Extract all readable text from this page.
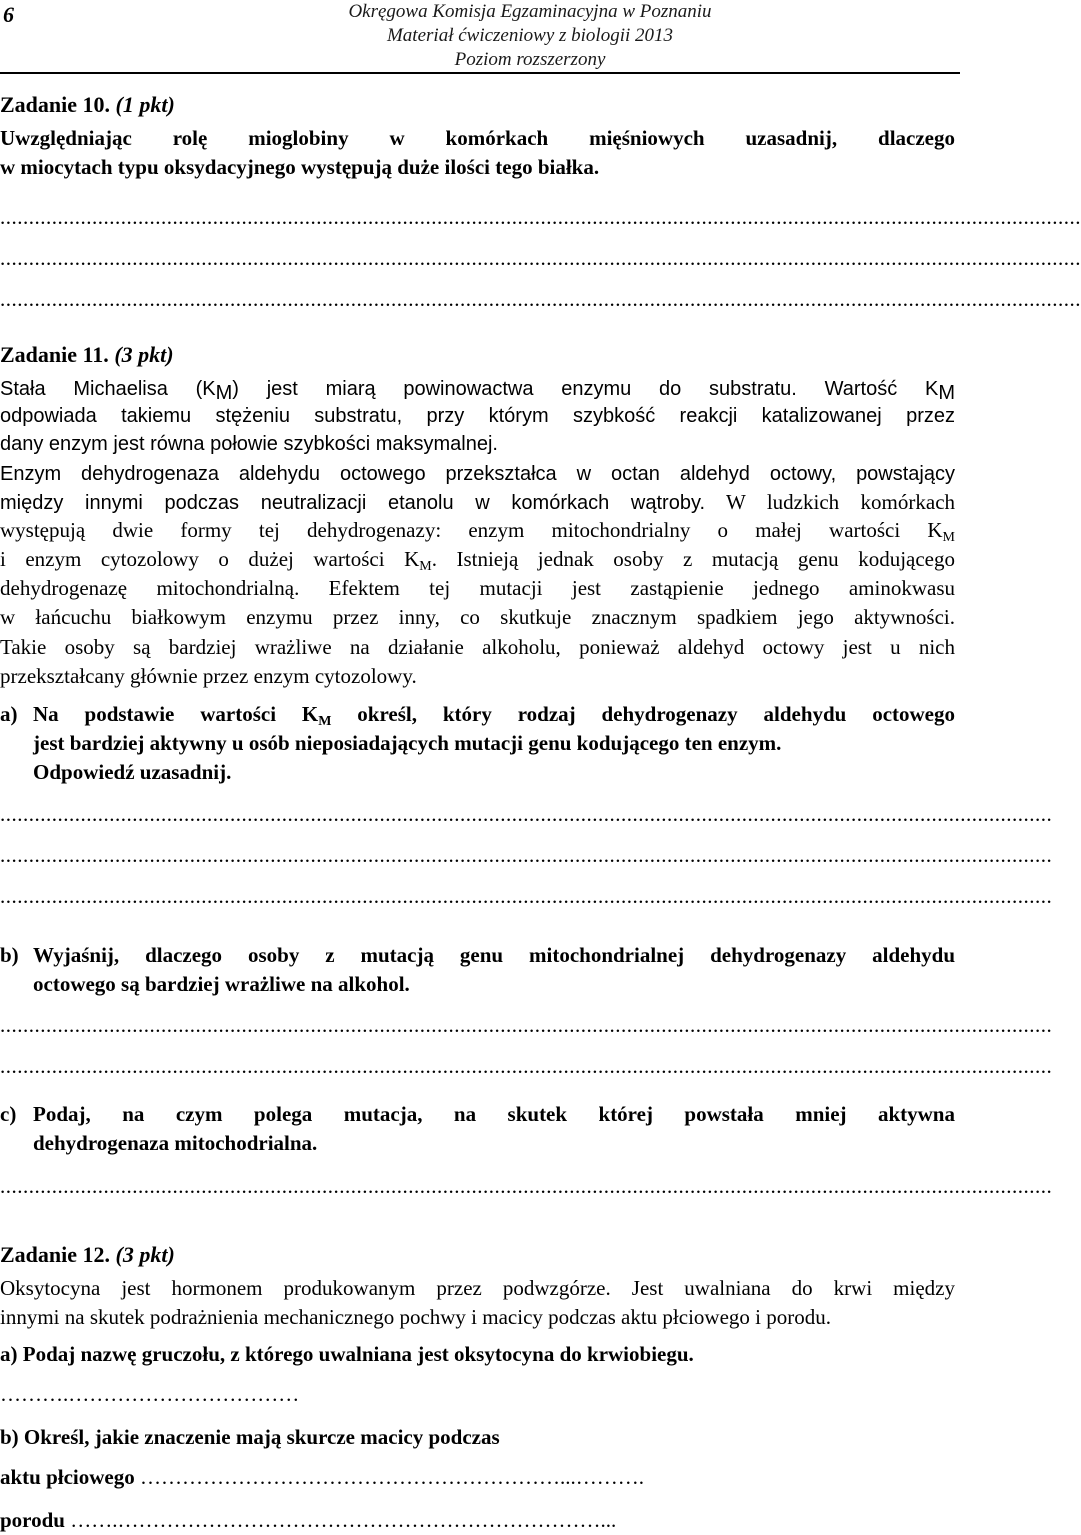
6	Okręgowa Komisja Egzaminacyjna w Poznaniu
Materiał ćwiczeniowy z biologii 2013
Poziom rozszerzony
Zadanie 10. (1 pkt)
Uwzględniając rolę mioglobiny w komórkach mięśniowych uzasadnij, dlaczego
w miocytach typu oksydacyjnego występują duże ilości tego białka.
............................................................................................................................................................................................
............................................................................................................................................................................................
............................................................................................................................................................................................
Zadanie 11. (3 pkt)
Stała Michaelisa $(K_M)$ jest miarą powinowactwa enzymu do substratu. Wartość $K_M$
odpowiada takiemu stężeniu substratu, przy którym szybkość reakcji katalizowanej przez
dany enzym jest równa połowie szybkości maksymalnej.
Enzym dehydrogenaza aldehydu octowego przekształca w octan aldehyd octowy, powstający
między innymi podczas neutralizacji etanolu w komórkach wątroby. W ludzkich komórkach
występują dwie formy tej dehydrogenazy: enzym mitochondrialny o małej wartości $K_M$
i enzym cytozolowy o dużej wartości $K_M$. Istnieją jednak osoby z mutacją genu kodującego
dehydrogenazę mitochondrialną. Efektem tej mutacji jest zastąpienie jednego aminokwasu
w łańcuchu białkowym enzymu przez inny, co skutkuje znacznym spadkiem jego aktywności.
Takie osoby są bardziej wrażliwe na działanie alkoholu, ponieważ aldehyd octowy jest u nich
przekształcany głównie przez enzym cytozolowy.
a) Na podstawie wartości $K_M$ określ, który rodzaj dehydrogenazy aldehydu octowego
jest bardziej aktywny u osób nieposiadających mutacji genu kodującego ten enzym.
Odpowiedź uzasadnij.
.......................................................................................................................................................................................
.......................................................................................................................................................................................
.......................................................................................................................................................................................
b) Wyjaśnij, dlaczego osoby z mutacją genu mitochondrialnej dehydrogenazy aldehydu
octowego są bardziej wrażliwe na alkohol.
.......................................................................................................................................................................................
.......................................................................................................................................................................................
c) Podaj, na czym polega mutacja, na skutek której powstała mniej aktywna
dehydrogenaza mitochodrialna.
.......................................................................................................................................................................................
Zadanie 12. (3 pkt)
Oksytocyna jest hormonem produkowanym przez podwzgórze. Jest uwalniana do krwi między
innymi na skutek podrażnienia mechanicznego pochwy i macicy podczas aktu płciowego i porodu.
a) Podaj nazwę gruczołu, z którego uwalniana jest oksytocyna do krwiobiegu.
……….……………………………
b) Określ, jakie znaczenie mają skurcze macicy podczas
aktu płciowego ……………………………………………………...……….
porodu …….……………………………………………………………...
